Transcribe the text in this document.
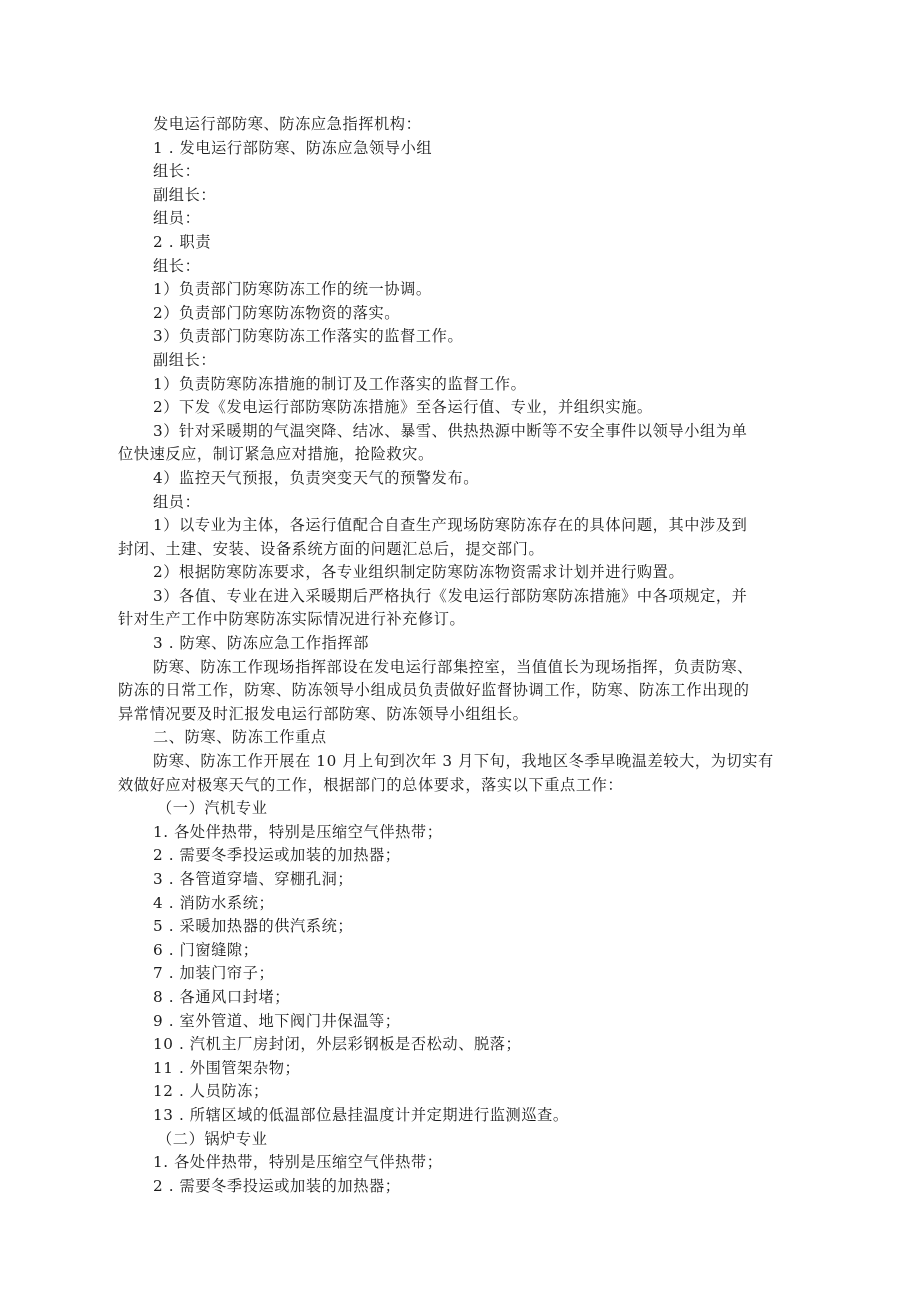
发电运行部防寒、防冻应急指挥机构：
1 . 发电运行部防寒、防冻应急领导小组
组长：
副组长：
组员：
2 . 职责
组长：
1）负责部门防寒防冻工作的统一协调。
2）负责部门防寒防冻物资的落实。
3）负责部门防寒防冻工作落实的监督工作。
副组长：
1）负责防寒防冻措施的制订及工作落实的监督工作。
2）下发《发电运行部防寒防冻措施》至各运行值、专业，并组织实施。
3）针对采暖期的气温突降、结冰、暴雪、供热热源中断等不安全事件以领导小组为单
位快速反应，制订紧急应对措施，抢险救灾。
4）监控天气预报，负责突变天气的预警发布。
组员：
1）以专业为主体，各运行值配合自查生产现场防寒防冻存在的具体问题，其中涉及到
封闭、土建、安装、设备系统方面的问题汇总后，提交部门。
2）根据防寒防冻要求，各专业组织制定防寒防冻物资需求计划并进行购置。
3）各值、专业在进入采暖期后严格执行《发电运行部防寒防冻措施》中各项规定，并
针对生产工作中防寒防冻实际情况进行补充修订。
3 . 防寒、防冻应急工作指挥部
防寒、防冻工作现场指挥部设在发电运行部集控室，当值值长为现场指挥，负责防寒、
防冻的日常工作，防寒、防冻领导小组成员负责做好监督协调工作，防寒、防冻工作出现的
异常情况要及时汇报发电运行部防寒、防冻领导小组组长。
二、防寒、防冻工作重点
防寒、防冻工作开展在 10 月上旬到次年 3 月下旬，我地区冬季早晚温差较大，为切实有
效做好应对极寒天气的工作，根据部门的总体要求，落实以下重点工作：
（一）汽机专业
1. 各处伴热带，特别是压缩空气伴热带；
2 . 需要冬季投运或加装的加热器；
3 . 各管道穿墙、穿棚孔洞；
4 . 消防水系统；
5 . 采暖加热器的供汽系统；
6 . 门窗缝隙；
7 . 加装门帘子；
8 . 各通风口封堵；
9 . 室外管道、地下阀门井保温等；
10 . 汽机主厂房封闭，外层彩钢板是否松动、脱落；
11 . 外围管架杂物；
12 . 人员防冻；
13 . 所辖区域的低温部位悬挂温度计并定期进行监测巡查。
（二）锅炉专业
1. 各处伴热带，特别是压缩空气伴热带；
2 . 需要冬季投运或加装的加热器；
